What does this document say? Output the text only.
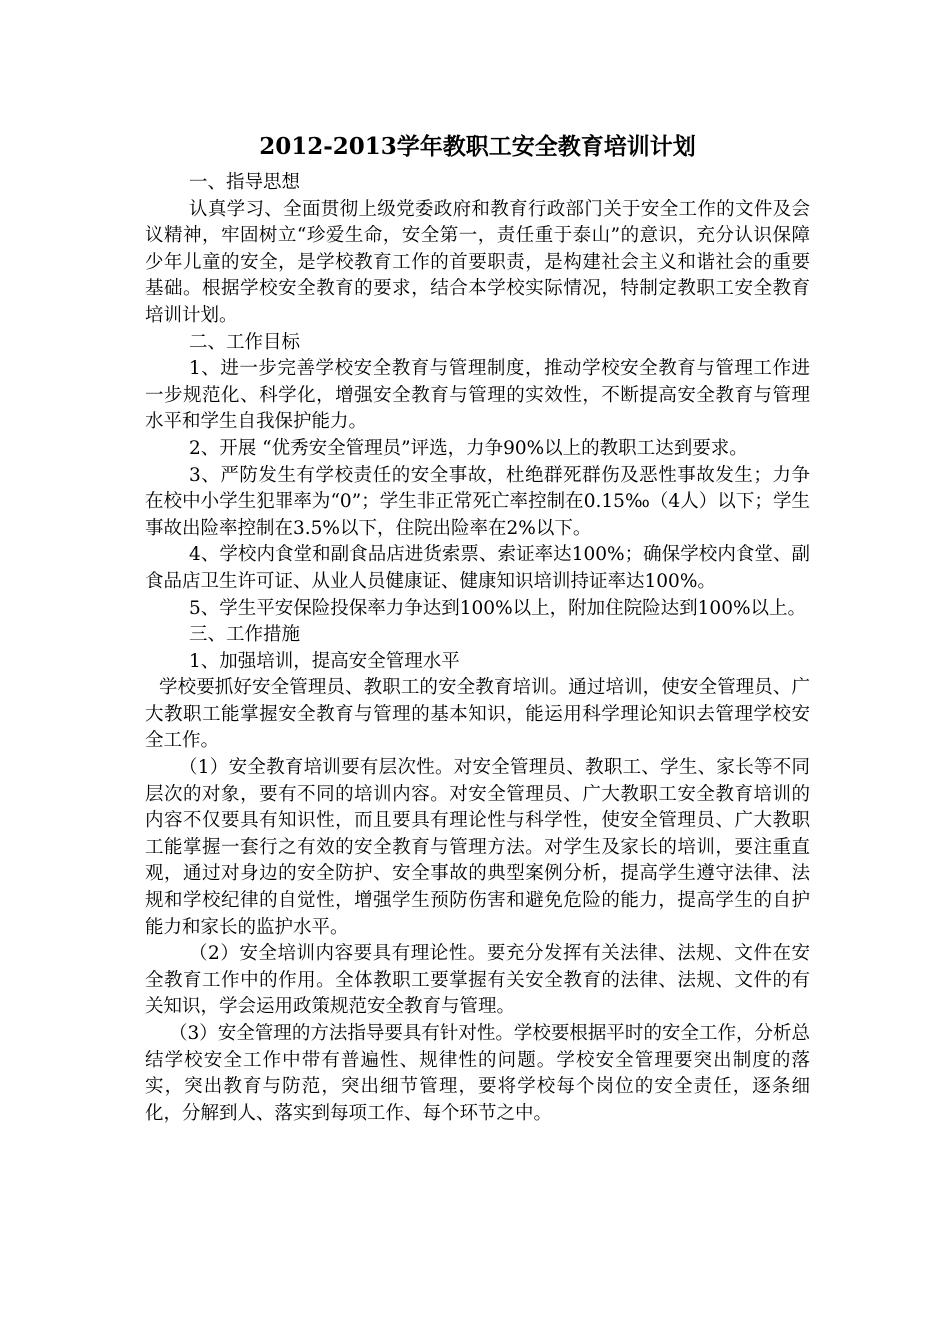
2012-2013学年教职工安全教育培训计划

一、指导思想

认真学习、全面贯彻上级党委政府和教育行政部门关于安全工作的文件及会议精神，牢固树立“珍爱生命，安全第一，责任重于泰山”的意识，充分认识保障少年儿童的安全，是学校教育工作的首要职责，是构建社会主义和谐社会的重要基础。根据学校安全教育的要求，结合本学校实际情况，特制定教职工安全教育培训计划。

二、工作目标

1、进一步完善学校安全教育与管理制度，推动学校安全教育与管理工作进一步规范化、科学化，增强安全教育与管理的实效性，不断提高安全教育与管理水平和学生自我保护能力。

2、开展 “优秀安全管理员”评选，力争90%以上的教职工达到要求。

3、严防发生有学校责任的安全事故，杜绝群死群伤及恶性事故发生；力争在校中小学生犯罪率为“0”；学生非正常死亡率控制在0.15‰（4人）以下；学生事故出险率控制在3.5%以下，住院出险率在2%以下。

4、学校内食堂和副食品店进货索票、索证率达100%；确保学校内食堂、副食品店卫生许可证、从业人员健康证、健康知识培训持证率达100%。

5、学生平安保险投保率力争达到100%以上，附加住院险达到100%以上。

三、工作措施

1、加强培训，提高安全管理水平

学校要抓好安全管理员、教职工的安全教育培训。通过培训，使安全管理员、广大教职工能掌握安全教育与管理的基本知识，能运用科学理论知识去管理学校安全工作。

（1）安全教育培训要有层次性。对安全管理员、教职工、学生、家长等不同层次的对象，要有不同的培训内容。对安全管理员、广大教职工安全教育培训的内容不仅要具有知识性，而且要具有理论性与科学性，使安全管理员、广大教职工能掌握一套行之有效的安全教育与管理方法。对学生及家长的培训，要注重直观，通过对身边的安全防护、安全事故的典型案例分析，提高学生遵守法律、法规和学校纪律的自觉性，增强学生预防伤害和避免危险的能力，提高学生的自护能力和家长的监护水平。

（2）安全培训内容要具有理论性。要充分发挥有关法律、法规、文件在安全教育工作中的作用。全体教职工要掌握有关安全教育的法律、法规、文件的有关知识，学会运用政策规范安全教育与管理。

（3）安全管理的方法指导要具有针对性。学校要根据平时的安全工作，分析总结学校安全工作中带有普遍性、规律性的问题。学校安全管理要突出制度的落实，突出教育与防范，突出细节管理，要将学校每个岗位的安全责任，逐条细化，分解到人、落实到每项工作、每个环节之中。
